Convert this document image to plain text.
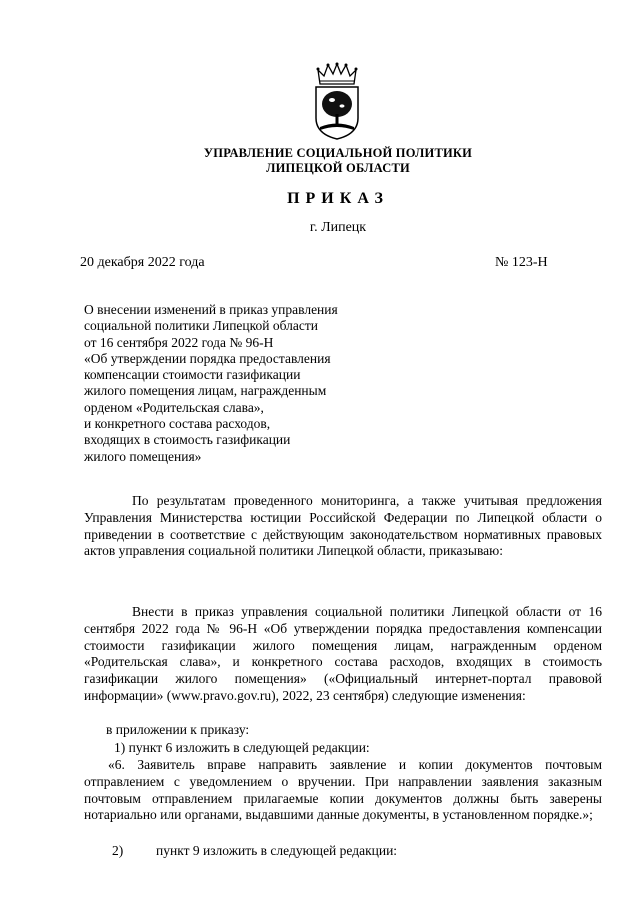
УПРАВЛЕНИЕ СОЦИАЛЬНОЙ ПОЛИТИКИ
ЛИПЕЦКОЙ ОБЛАСТИ
ПРИКАЗ
г. Липецк
20 декабря 2022 года	№ 123-Н
О внесении изменений в приказ управления
социальной политики Липецкой области
от 16 сентября 2022 года № 96-Н
«Об утверждении порядка предоставления
компенсации стоимости газификации
жилого помещения лицам, награжденным
орденом «Родительская слава»,
и конкретного состава расходов,
входящих в стоимость газификации
жилого помещения»
По результатам проведенного мониторинга, а также учитывая предложения Управления Министерства юстиции Российской Федерации по Липецкой области о приведении в соответствие с действующим законодательством нормативных правовых актов управления социальной политики Липецкой области, приказываю:
Внести в приказ управления социальной политики Липецкой области от 16 сентября 2022 года № 96-Н «Об утверждении порядка предоставления компенсации стоимости газификации жилого помещения лицам, награжденным орденом «Родительская слава», и конкретного состава расходов, входящих в стоимость газификации жилого помещения» («Официальный интернет-портал правовой информации» (www.pravo.gov.ru), 2022, 23 сентября) следующие изменения:
в приложении к приказу:
1) пункт 6 изложить в следующей редакции:
«6. Заявитель вправе направить заявление и копии документов почтовым отправлением с уведомлением о вручении. При направлении заявления заказным почтовым отправлением прилагаемые копии документов должны быть заверены нотариально или органами, выдавшими данные документы, в установленном порядке.»;
2) пункт 9 изложить в следующей редакции:
